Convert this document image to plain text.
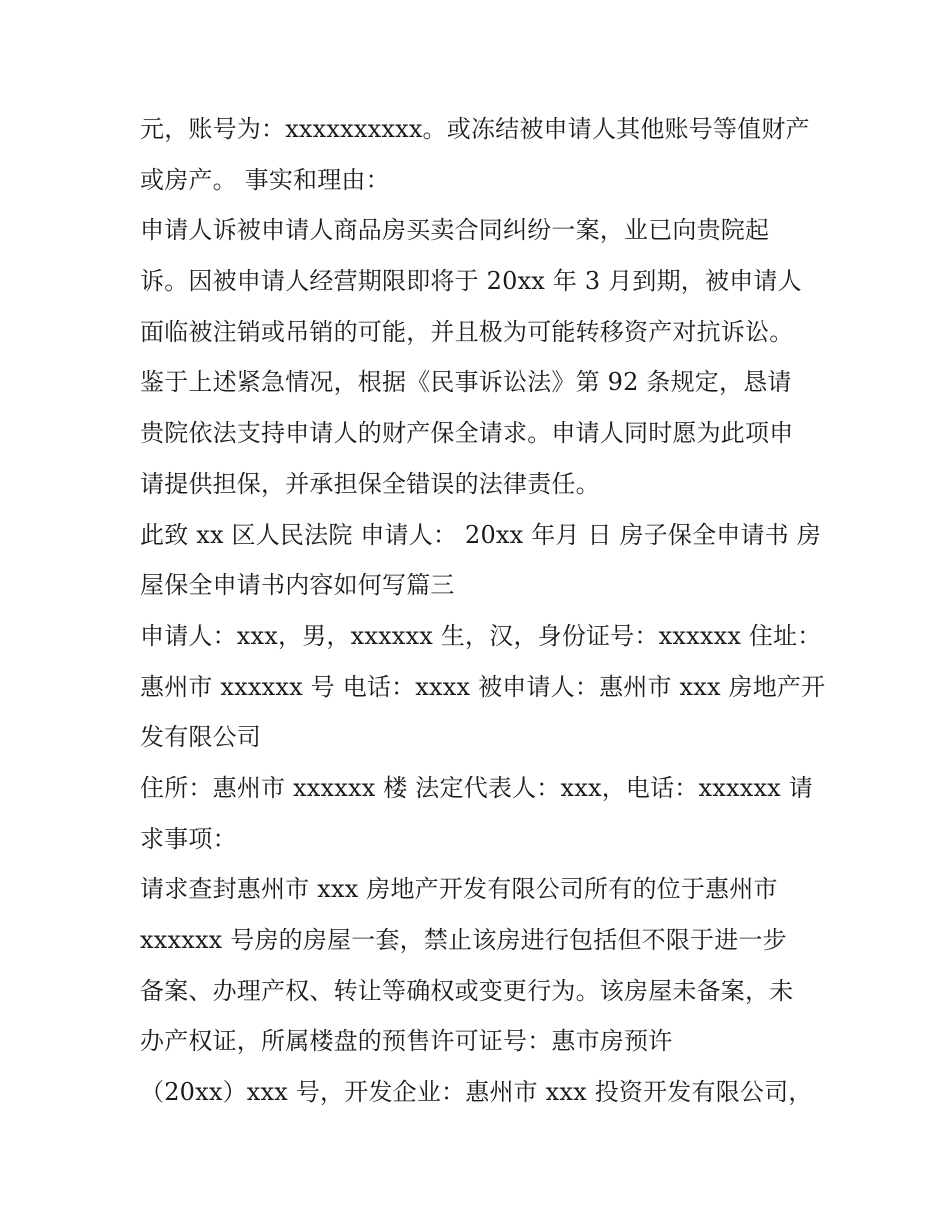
元，账号为：xxxxxxxxxx。或冻结被申请人其他账号等值财产
或房产。 事实和理由：
申请人诉被申请人商品房买卖合同纠纷一案，业已向贵院起
诉。因被申请人经营期限即将于 20xx 年 3 月到期，被申请人
面临被注销或吊销的可能，并且极为可能转移资产对抗诉讼。
鉴于上述紧急情况，根据《民事诉讼法》第 92 条规定，恳请
贵院依法支持申请人的财产保全请求。申请人同时愿为此项申
请提供担保，并承担保全错误的法律责任。
此致 xx 区人民法院 申请人： 20xx 年月 日 房子保全申请书 房
屋保全申请书内容如何写篇三
申请人：xxx，男，xxxxxx 生，汉，身份证号：xxxxxx 住址：
惠州市 xxxxxx 号 电话：xxxx 被申请人：惠州市 xxx 房地产开
发有限公司
住所：惠州市 xxxxxx 楼 法定代表人：xxx，电话：xxxxxx 请
求事项：
请求查封惠州市 xxx 房地产开发有限公司所有的位于惠州市
xxxxxx 号房的房屋一套，禁止该房进行包括但不限于进一步
备案、办理产权、转让等确权或变更行为。该房屋未备案，未
办产权证，所属楼盘的预售许可证号：惠市房预许
（20xx）xxx 号，开发企业：惠州市 xxx 投资开发有限公司，
